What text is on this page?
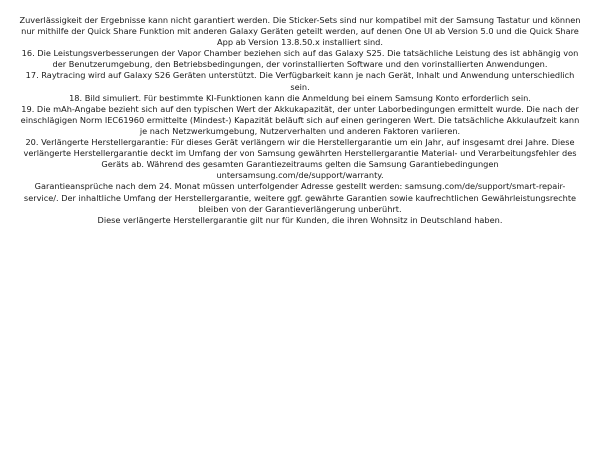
Zuverlässigkeit der Ergebnisse kann nicht garantiert werden. Die Sticker-Sets sind nur kompatibel mit der Samsung Tastatur und können nur mithilfe der Quick Share Funktion mit anderen Galaxy Geräten geteilt werden, auf denen One UI ab Version 5.0 und die Quick Share App ab Version 13.8.50.x installiert sind.

16. Die Leistungsverbesserungen der Vapor Chamber beziehen sich auf das Galaxy S25. Die tatsächliche Leistung des ist abhängig von der Benutzerumgebung, den Betriebsbedingungen, der vorinstallierten Software und den vorinstallierten Anwendungen.

17. Raytracing wird auf Galaxy S26 Geräten unterstützt. Die Verfügbarkeit kann je nach Gerät, Inhalt und Anwendung unterschiedlich sein.

18. Bild simuliert. Für bestimmte KI-Funktionen kann die Anmeldung bei einem Samsung Konto erforderlich sein.

19. Die mAh-Angabe bezieht sich auf den typischen Wert der Akkukapazität, der unter Laborbedingungen ermittelt wurde. Die nach der einschlägigen Norm IEC61960 ermittelte (Mindest-) Kapazität beläuft sich auf einen geringeren Wert. Die tatsächliche Akkulaufzeit kann je nach Netzwerkumgebung, Nutzerverhalten und anderen Faktoren variieren.

20. Verlängerte Herstellergarantie: Für dieses Gerät verlängern wir die Herstellergarantie um ein Jahr, auf insgesamt drei Jahre. Diese verlängerte Herstellergarantie deckt im Umfang der von Samsung gewährten Herstellergarantie Material- und Verarbeitungsfehler des Geräts ab. Während des gesamten Garantiezeitraums gelten die Samsung Garantiebedingungen untersamsung.com/de/support/warranty.

Garantieansprüche nach dem 24. Monat müssen unterfolgender Adresse gestellt werden: samsung.com/de/support/smart-repair-service/. Der inhaltliche Umfang der Herstellergarantie, weitere ggf. gewährte Garantien sowie kaufrechtlichen Gewährleistungsrechte bleiben von der Garantieverlängerung unberührt.

Diese verlängerte Herstellergarantie gilt nur für Kunden, die ihren Wohnsitz in Deutschland haben.
